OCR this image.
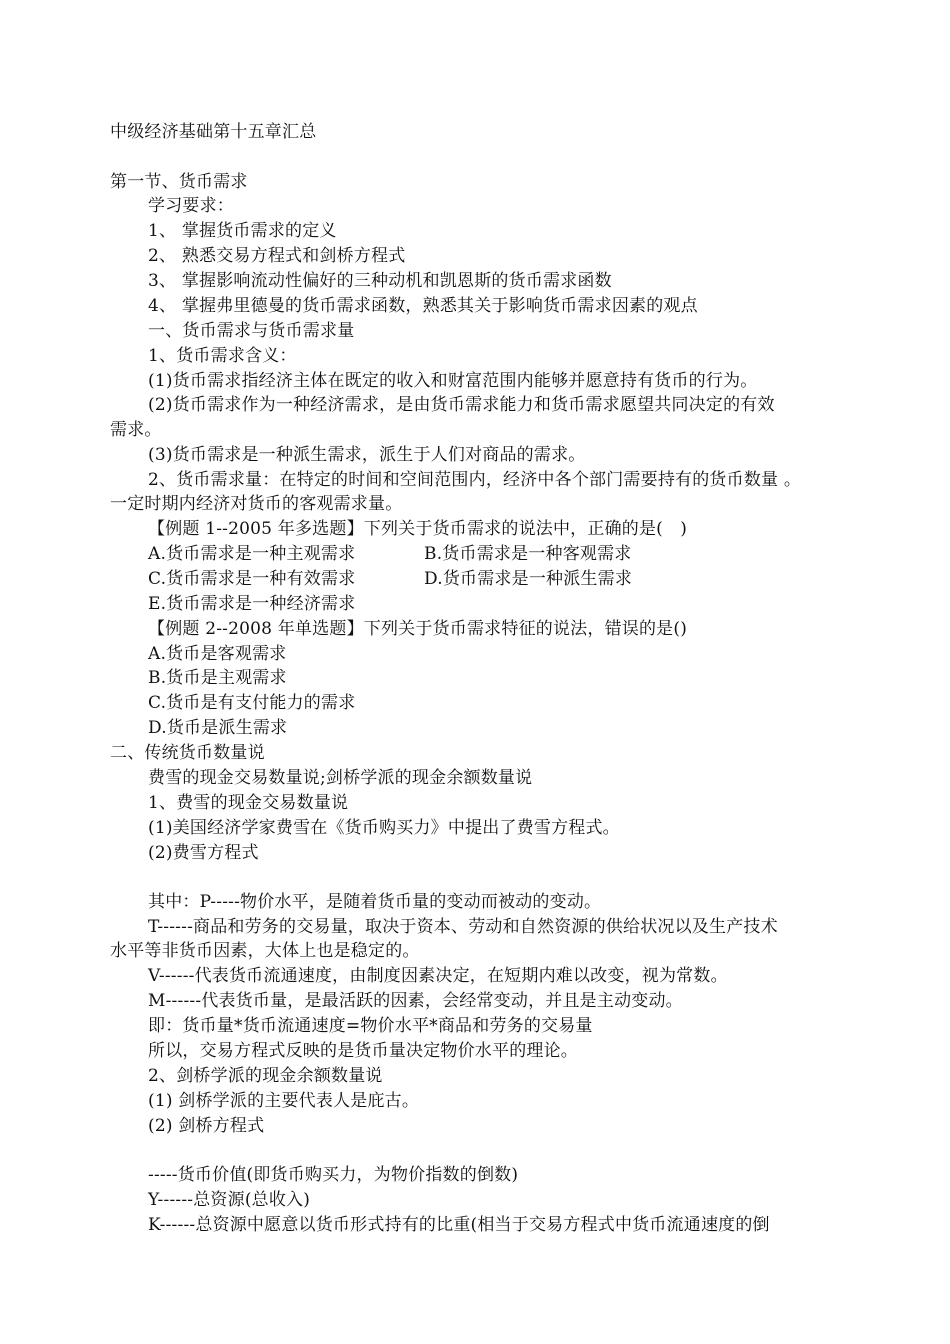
中级经济基础第十五章汇总
第一节、货币需求
学习要求：
1、 掌握货币需求的定义
2、 熟悉交易方程式和剑桥方程式
3、 掌握影响流动性偏好的三种动机和凯恩斯的货币需求函数
4、 掌握弗里德曼的货币需求函数，熟悉其关于影响货币需求因素的观点
一、货币需求与货币需求量
1、货币需求含义：
(1)货币需求指经济主体在既定的收入和财富范围内能够并愿意持有货币的行为。
(2)货币需求作为一种经济需求，是由货币需求能力和货币需求愿望共同决定的有效
需求。
(3)货币需求是一种派生需求，派生于人们对商品的需求。
2、货币需求量：在特定的时间和空间范围内，经济中各个部门需要持有的货币数量 。
一定时期内经济对货币的客观需求量。
【例题 1--2005 年多选题】下列关于货币需求的说法中，正确的是(　)
A.货币需求是一种主观需求	B.货币需求是一种客观需求
C.货币需求是一种有效需求	D.货币需求是一种派生需求
E.货币需求是一种经济需求
【例题 2--2008 年单选题】下列关于货币需求特征的说法，错误的是()
A.货币是客观需求
B.货币是主观需求
C.货币是有支付能力的需求
D.货币是派生需求
二、传统货币数量说
费雪的现金交易数量说;剑桥学派的现金余额数量说
1、费雪的现金交易数量说
(1)美国经济学家费雪在《货币购买力》中提出了费雪方程式。
(2)费雪方程式
其中：P-----物价水平，是随着货币量的变动而被动的变动。
T------商品和劳务的交易量，取决于资本、劳动和自然资源的供给状况以及生产技术
水平等非货币因素，大体上也是稳定的。
V------代表货币流通速度，由制度因素决定，在短期内难以改变，视为常数。
M------代表货币量，是最活跃的因素，会经常变动，并且是主动变动。
即：货币量*货币流通速度=物价水平*商品和劳务的交易量
所以，交易方程式反映的是货币量决定物价水平的理论。
2、剑桥学派的现金余额数量说
(1) 剑桥学派的主要代表人是庇古。
(2) 剑桥方程式
-----货币价值(即货币购买力，为物价指数的倒数)
Y------总资源(总收入)
K------总资源中愿意以货币形式持有的比重(相当于交易方程式中货币流通速度的倒
